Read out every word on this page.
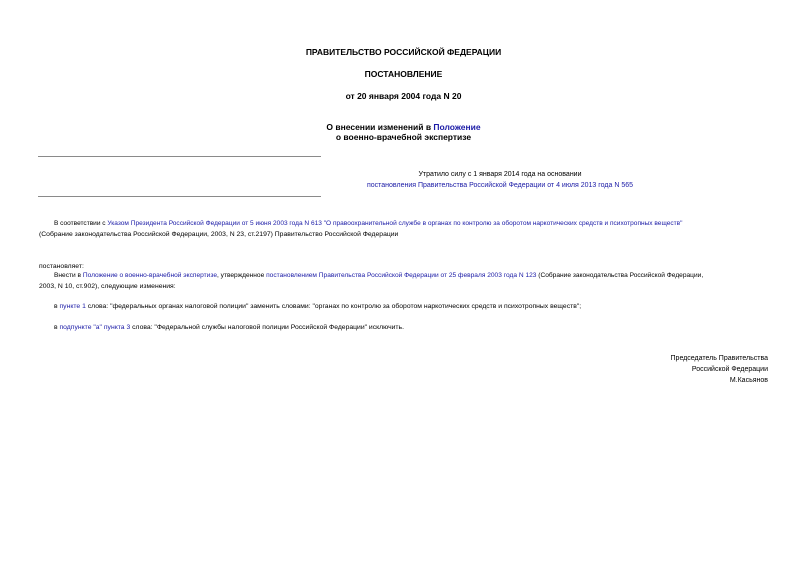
ПРАВИТЕЛЬСТВО РОССИЙСКОЙ ФЕДЕРАЦИИ
ПОСТАНОВЛЕНИЕ
от 20 января 2004 года N 20
О внесении изменений в Положение
о военно-врачебной экспертизе
Утратило силу с 1 января 2014 года на основании
постановления Правительства Российской Федерации от 4 июля 2013 года N 565
В соответствии с Указом Президента Российской Федерации от 5 июня 2003 года N 613 "О правоохранительной службе в органах по контролю за оборотом наркотических средств и психотропных веществ"
(Собрание законодательства Российской Федерации, 2003, N 23, ст.2197) Правительство Российской Федерации
постановляет:
Внести в Положение о военно-врачебной экспертизе, утвержденное постановлением Правительства Российской Федерации от 25 февраля 2003 года N 123 (Собрание законодательства Российской Федерации,
2003, N 10, ст.902), следующие изменения:
в пункте 1 слова: "федеральных органах налоговой полиции" заменить словами: "органах по контролю за оборотом наркотических средств и психотропных веществ";
в подпункте "а" пункта 3 слова: "Федеральной службы налоговой полиции Российской Федерации" исключить.
Председатель Правительства
Российской Федерации
М.Касьянов
